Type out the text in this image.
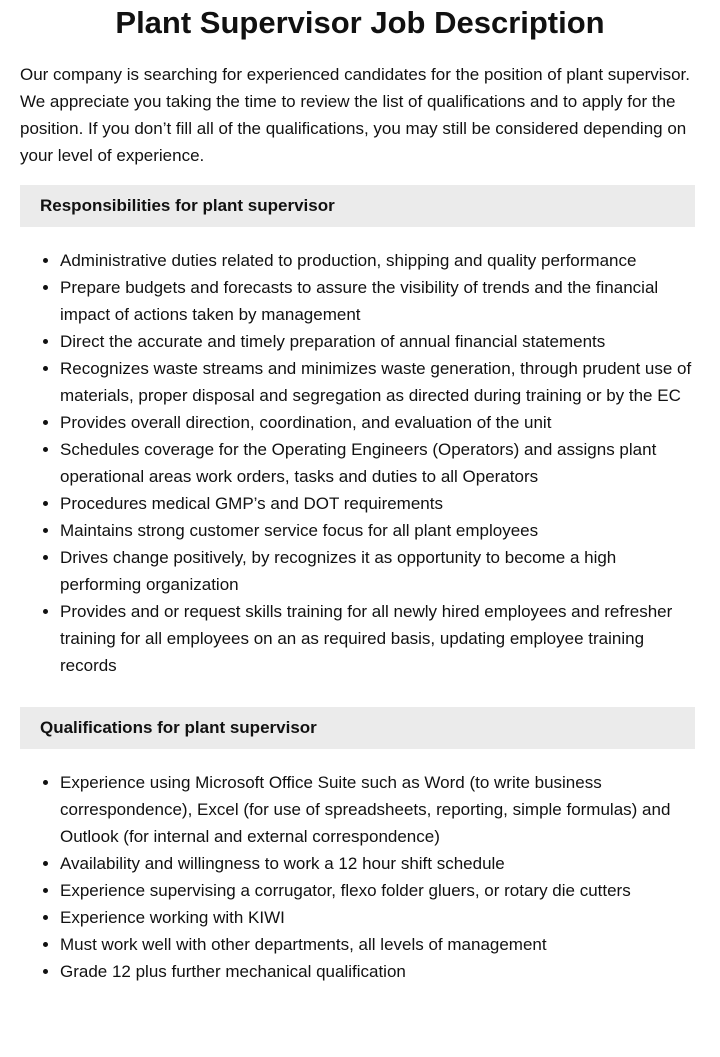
Plant Supervisor Job Description

Our company is searching for experienced candidates for the position of plant supervisor. We appreciate you taking the time to review the list of qualifications and to apply for the position. If you don’t fill all of the qualifications, you may still be considered depending on your level of experience.

Responsibilities for plant supervisor
• Administrative duties related to production, shipping and quality performance
• Prepare budgets and forecasts to assure the visibility of trends and the financial impact of actions taken by management
• Direct the accurate and timely preparation of annual financial statements
• Recognizes waste streams and minimizes waste generation, through prudent use of materials, proper disposal and segregation as directed during training or by the EC
• Provides overall direction, coordination, and evaluation of the unit
• Schedules coverage for the Operating Engineers (Operators) and assigns plant operational areas work orders, tasks and duties to all Operators
• Procedures medical GMP’s and DOT requirements
• Maintains strong customer service focus for all plant employees
• Drives change positively, by recognizes it as opportunity to become a high performing organization
• Provides and or request skills training for all newly hired employees and refresher training for all employees on an as required basis, updating employee training records
Qualifications for plant supervisor
• Experience using Microsoft Office Suite such as Word (to write business correspondence), Excel (for use of spreadsheets, reporting, simple formulas) and Outlook (for internal and external correspondence)
• Availability and willingness to work a 12 hour shift schedule
• Experience supervising a corrugator, flexo folder gluers, or rotary die cutters
• Experience working with KIWI
• Must work well with other departments, all levels of management
• Grade 12 plus further mechanical qualification
